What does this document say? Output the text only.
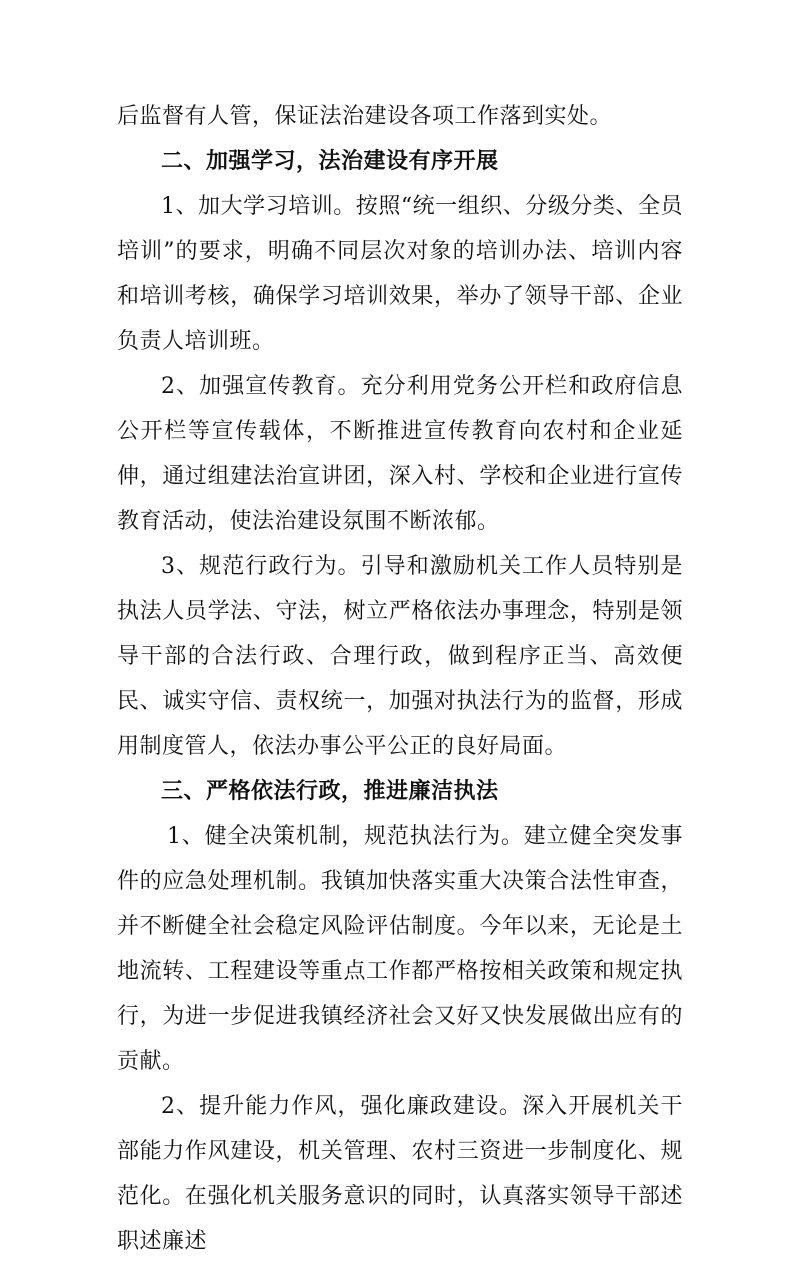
后监督有人管，保证法治建设各项工作落到实处。

二、加强学习，法治建设有序开展

1、加大学习培训。按照“统一组织、分级分类、全员培训”的要求，明确不同层次对象的培训办法、培训内容和培训考核，确保学习培训效果，举办了领导干部、企业负责人培训班。

2、加强宣传教育。充分利用党务公开栏和政府信息公开栏等宣传载体，不断推进宣传教育向农村和企业延伸，通过组建法治宣讲团，深入村、学校和企业进行宣传教育活动，使法治建设氛围不断浓郁。

3、规范行政行为。引导和激励机关工作人员特别是执法人员学法、守法，树立严格依法办事理念，特别是领导干部的合法行政、合理行政，做到程序正当、高效便民、诚实守信、责权统一，加强对执法行为的监督，形成用制度管人，依法办事公平公正的良好局面。

三、严格依法行政，推进廉洁执法

1、健全决策机制，规范执法行为。建立健全突发事件的应急处理机制。我镇加快落实重大决策合法性审查，并不断健全社会稳定风险评估制度。今年以来，无论是土地流转、工程建设等重点工作都严格按相关政策和规定执行，为进一步促进我镇经济社会又好又快发展做出应有的贡献。

2、提升能力作风，强化廉政建设。深入开展机关干部能力作风建设，机关管理、农村三资进一步制度化、规范化。在强化机关服务意识的同时，认真落实领导干部述职述廉述
